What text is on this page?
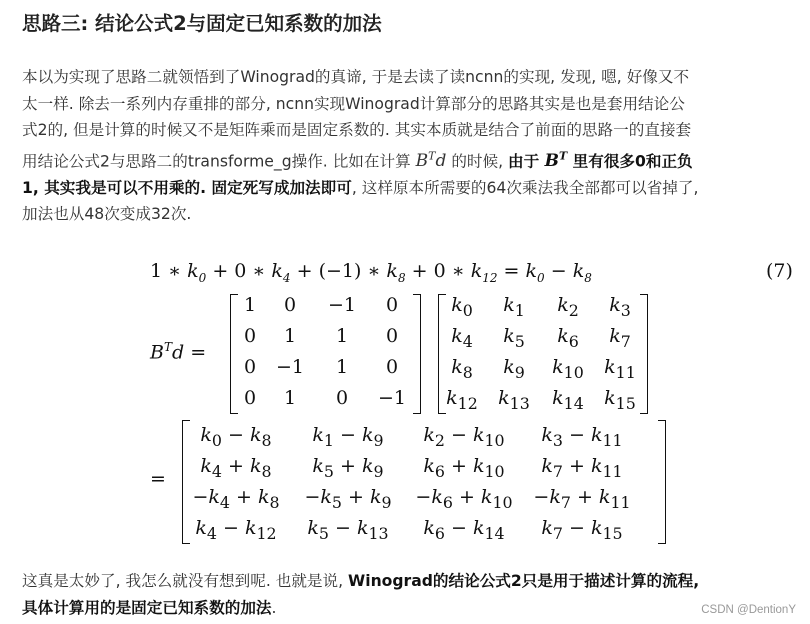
思路三: 结论公式2与固定已知系数的加法
本以为实现了思路二就领悟到了Winograd的真谛, 于是去读了读ncnn的实现, 发现, 嗯, 好像又不
太一样. 除去一系列内存重排的部分, ncnn实现Winograd计算部分的思路其实是也是套用结论公
式2的, 但是计算的时候又不是矩阵乘而是固定系数的. 其实本质就是结合了前面的思路一的直接套
用结论公式2与思路二的transforme_g操作. 比如在计算 $B^Td$ 的时候, 由于 $B^T$ 里有很多0和正负
1, 其实我是可以不用乘的. 固定死写成加法即可, 这样原本所需要的64次乘法我全部都可以省掉了,
加法也从48次变成32次.
1 ∗ $k_0 + 0$ ∗ $k_4 + (-1)$ ∗ $k_8 + 0$ ∗ $k_{12} = k_0 - k_8$	(7)
$B^Td$ =
1	0	−1	0
0	1	1	0
0	−1	1	0
0	1	0	−1
$k_0$	$k_1$	$k_2$	$k_3$
$k_4$	$k_5$	$k_6$	$k_7$
$k_8$	$k_9$	$k_{10}$	$k_{11}$
$k_{12}$	$k_{13}$	$k_{14}$	$k_{15}$
=
$k_0 - k_8$	$k_1 - k_9$	$k_2 - k_{10}$	$k_3 - k_{11}$
$k_4 + k_8$	$k_5 + k_9$	$k_6 + k_{10}$	$k_7 + k_{11}$
$-k_4 + k_8$	$-k_5 + k_9$	$-k_6 + k_{10}$	$-k_7 + k_{11}$
$k_4 - k_{12}$	$k_5 - k_{13}$	$k_6 - k_{14}$	$k_7 - k_{15}$
这真是太妙了, 我怎么就没有想到呢. 也就是说, Winograd的结论公式2只是用于描述计算的流程,
具体计算用的是固定已知系数的加法.	CSDN @DentionY
